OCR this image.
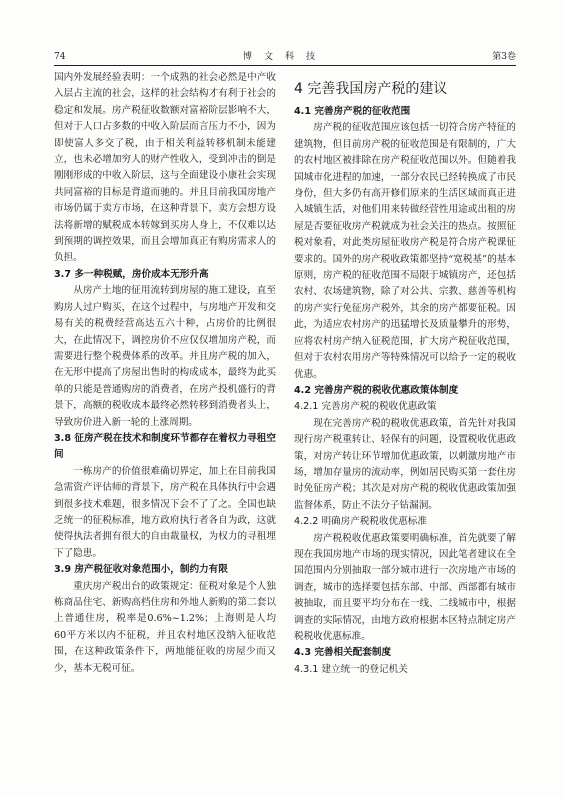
74	博文科技	第3卷

国内外发展经验表明：一个成熟的社会必然是中产收入层占主流的社会，这样的社会结构才有利于社会的稳定和发展。房产税征收数额对富裕阶层影响不大，但对于人口占多数的中收入阶层而言压力不小，因为即使富人多交了税，由于相关利益转移机制未能建立，也未必增加穷人的财产性收入，受到冲击的倒是刚刚形成的中收入阶层，这与全面建设小康社会实现共同富裕的目标是背道而驰的。并且目前我国房地产市场仍属于卖方市场，在这种背景下，卖方会想方设法将新增的赋税成本转嫁到买房人身上，不仅难以达到预期的调控效果，而且会增加真正有购房需求人的负担。

3.7 多一种税赋，房价成本无形升高

从房产土地的征用流转到房屋的施工建设，直至购房人过户购买，在这个过程中，与房地产开发和交易有关的税费经营高达五六十种，占房价的比例很大，在此情况下，调控房价不应仅仅增加房产税，而需要进行整个税费体系的改革。并且房产税的加入，在无形中提高了房屋出售时的构成成本，最终为此买单的只能是普通购房的消费者，在房产投机盛行的背景下，高额的税收成本最终必然转移到消费者头上，导致房价进入新一轮的上涨周期。

3.8 征房产税在技术和制度环节都存在着权力寻租空间

一栋房产的价值很难确切界定，加上在目前我国急需资产评估师的背景下，房产税在具体执行中会遇到很多技术难题，很多情况下会不了了之。全国也缺乏统一的征税标准，地方政府执行者各自为政，这就使得执法者拥有很大的自由裁量权，为权力的寻租埋下了隐患。

3.9 房产税征收对象范围小，制约力有限

重庆房产税出台的政策规定：征税对象是个人独栋商品住宅、新购高档住房和外地人新购的第二套以上普通住房，税率是0.6%~1.2%；上海则是人均60平方米以内不征税，并且农村地区没纳入征收范围，在这种政策条件下，两地能征收的房屋少而又少，基本无税可征。

4 完善我国房产税的建议
4.1 完善房产税的征收范围

房产税的征收范围应该包括一切符合房产特征的建筑物，但目前房产税的征收范围是有限制的，广大的农村地区被排除在房产税征收范围以外。但随着我国城市化进程的加速，一部分农民已经转换成了市民身份，但大多仍有高开修们原来的生活区域而真正进入城镇生活，对他们用来转做经营性用途或出租的房屋是否要征收房产税就成为社会关注的热点。按照征税对象看，对此类房屋征收房产税是符合房产税课征要求的。国外的房产税收政策都坚持“宽税基”的基本原则，房产税的征收范围不局限于城镇房产，还包括农村、农场建筑物，除了对公共、宗教、慈善等机构的房产实行免征房产税外，其余的房产都要征税。因此，为适应农村房产的迅猛增长及质量攀升的形势，应将农村房产纳入征税范围，扩大房产税征收范围，但对于农村农用房产等特殊情况可以给予一定的税收优惠。

4.2 完善房产税的税收优惠政策体制度
4.2.1 完善房产税的税收优惠政策

现在完善房产税的税收优惠政策，首先针对我国现行房产税重转让、轻保有的问题，设置税收优惠政策，对房产转让环节增加优惠政策，以刺激房地产市场，增加存量房的流动率，例如居民购买第一套住房时免征房产税；其次是对房产税的税收优惠政策加强监督体系，防止不法分子钻漏洞。

4.2.2 明确房产税税收优惠标准

房产税税收优惠政策要明确标准，首先就要了解现在我国房地产市场的现实情况，因此笔者建议在全国范围内分别抽取一部分城市进行一次房地产市场的调查，城市的选择要包括东部、中部、西部都有城市被抽取，而且要平均分布在一线、二线城市中，根据调查的实际情况，由地方政府根据本区特点制定房产税税收优惠标准。

4.3 完善相关配套制度
4.3.1 建立统一的登记机关
